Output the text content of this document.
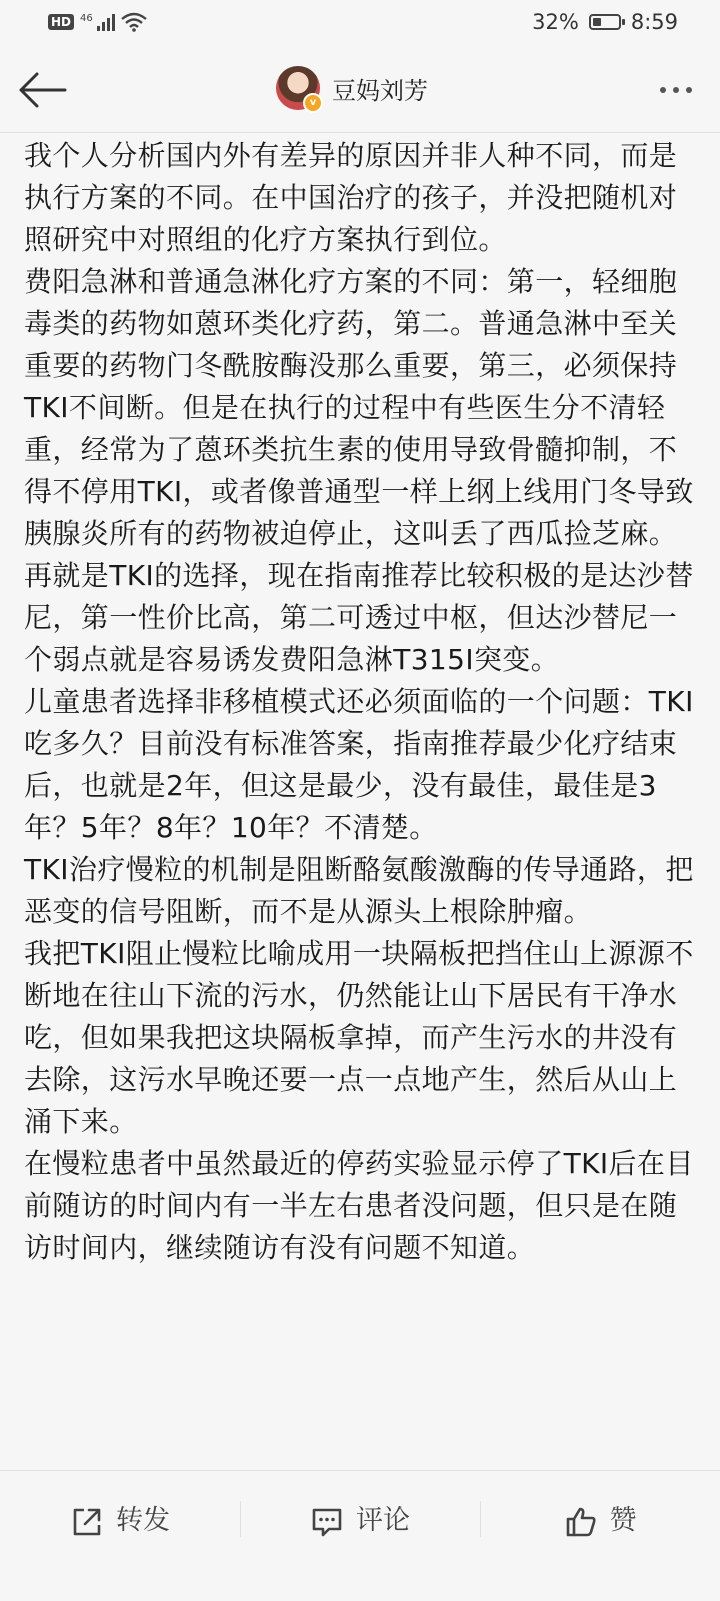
HD 46	32% 8:59
v 豆妈刘芳

我个人分析国内外有差异的原因并非人种不同，而是执行方案的不同。在中国治疗的孩子，并没把随机对照研究中对照组的化疗方案执行到位。

费阳急淋和普通急淋化疗方案的不同：第一，轻细胞毒类的药物如蒽环类化疗药，第二。普通急淋中至关重要的药物门冬酰胺酶没那么重要，第三，必须保持TKI不间断。但是在执行的过程中有些医生分不清轻重，经常为了蒽环类抗生素的使用导致骨髓抑制，不得不停用TKI，或者像普通型一样上纲上线用门冬导致胰腺炎所有的药物被迫停止，这叫丢了西瓜捡芝麻。

再就是TKI的选择，现在指南推荐比较积极的是达沙替尼，第一性价比高，第二可透过中枢，但达沙替尼一个弱点就是容易诱发费阳急淋T315I突变。

儿童患者选择非移植模式还必须面临的一个问题：TKI吃多久？目前没有标准答案，指南推荐最少化疗结束后，也就是2年，但这是最少，没有最佳，最佳是3年？5年？8年？10年？不清楚。

TKI治疗慢粒的机制是阻断酪氨酸激酶的传导通路，把恶变的信号阻断，而不是从源头上根除肿瘤。

我把TKI阻止慢粒比喻成用一块隔板把挡住山上源源不断地在往山下流的污水，仍然能让山下居民有干净水吃，但如果我把这块隔板拿掉，而产生污水的井没有去除，这污水早晚还要一点一点地产生，然后从山上涌下来。

在慢粒患者中虽然最近的停药实验显示停了TKI后在目前随访的时间内有一半左右患者没问题，但只是在随访时间内，继续随访有没有问题不知道。

转发	评论	赞
